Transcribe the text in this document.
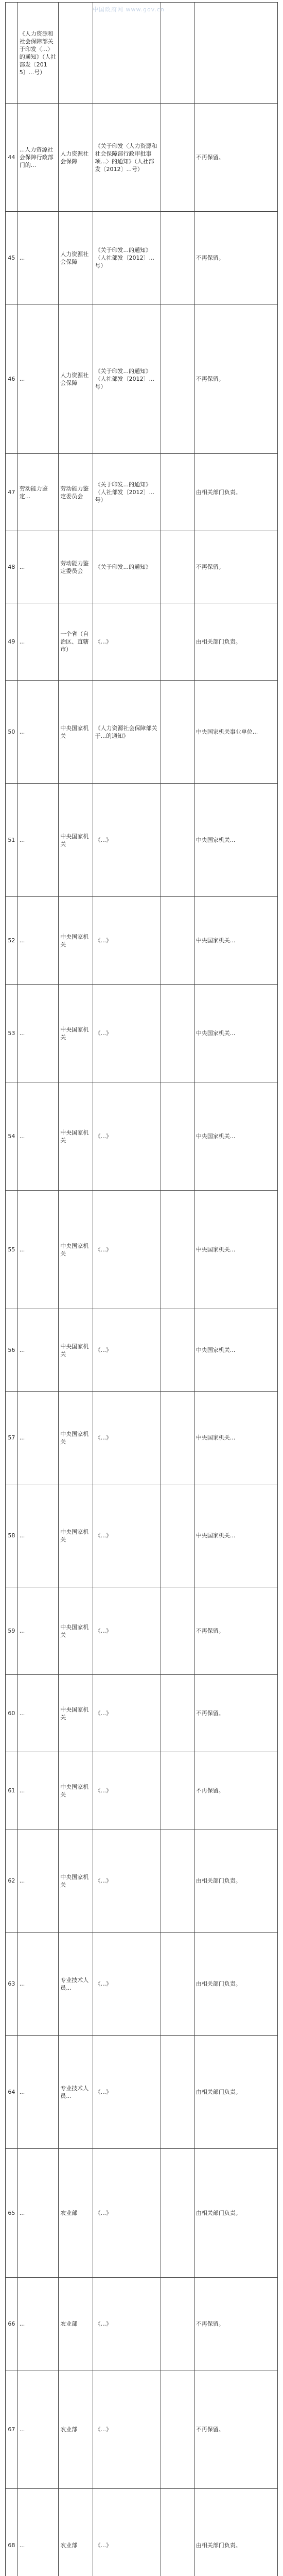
中国政府网 www.gov.cn
	《人力资源和社会保障部关于印发〈...〉的通知》（人社部发〔2015〕...号）				
44	...人力资源社会保障行政部门的...	人力资源社会保障	《关于印发〈人力资源和社会保障部行政审批事项...〉的通知》（人社部发〔2012〕...号）		不再保留。
45	...	人力资源社会保障	《关于印发...的通知》（人社部发〔2012〕...号）		不再保留。
46	...	人力资源社会保障	《关于印发...的通知》（人社部发〔2012〕...号）		不再保留。
47	劳动能力鉴定...	劳动能力鉴定委员会	《关于印发...的通知》（人社部发〔2012〕...号）		由相关部门负责。
48	...	劳动能力鉴定委员会	《关于印发...的通知》		不再保留。
49	...	一个省（自治区、直辖市）	《...》		由相关部门负责。
50	...	中央国家机关	《人力资源社会保障部关于...的通知》		中央国家机关事业单位...
51	...	中央国家机关	《...》		中央国家机关...
52	...	中央国家机关	《...》		中央国家机关...
53	...	中央国家机关	《...》		中央国家机关...
54	...	中央国家机关	《...》		中央国家机关...
55	...	中央国家机关	《...》		中央国家机关...
56	...	中央国家机关	《...》		中央国家机关...
57	...	中央国家机关	《...》		中央国家机关...
58	...	中央国家机关	《...》		中央国家机关...
59	...	中央国家机关	《...》		不再保留。
60	...	中央国家机关	《...》		不再保留。
61	...	中央国家机关	《...》		不再保留。
62	...	中央国家机关	《...》		由相关部门负责。
63	...	专业技术人员...	《...》		由相关部门负责。
64	...	专业技术人员...	《...》		由相关部门负责。
65	...	农业部	《...》		由相关部门负责。
66	...	农业部	《...》		不再保留。
67	...	农业部	《...》		不再保留。
68	...	农业部	《...》		由相关部门负责。
